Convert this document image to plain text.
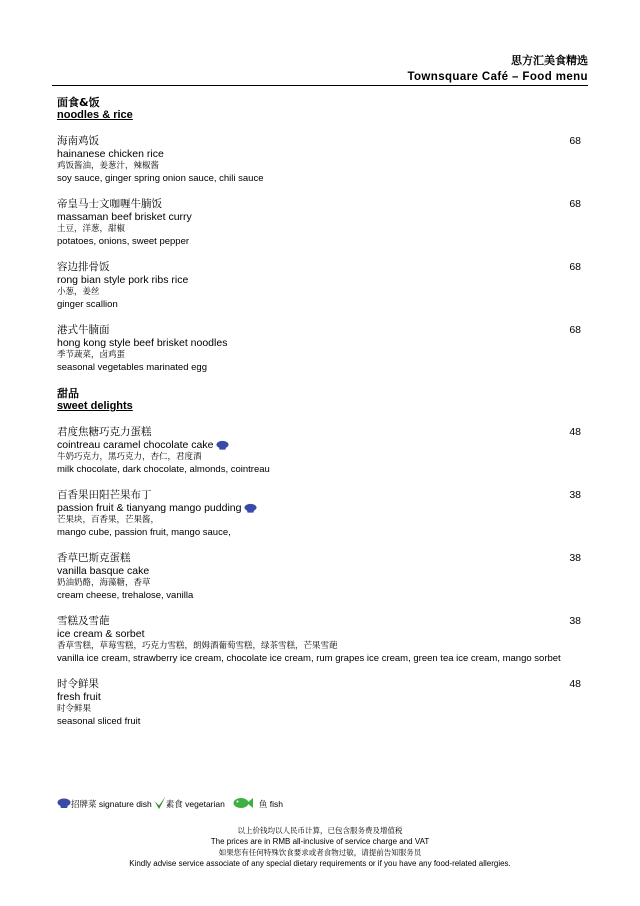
思方汇美食精选
Townsquare Café – Food menu
面食&饭
noodles & rice
海南鸡饭
hainanese chicken rice
鸡饭酱油，姜葱汁，辣椒酱
soy sauce, ginger spring onion sauce, chili sauce
68
帝皇马士文咖喱牛腩饭
massaman beef brisket curry
土豆，洋葱，甜椒
potatoes, onions, sweet pepper
68
容边排骨饭
rong bian style pork ribs rice
小葱，姜丝
ginger scallion
68
港式牛腩面
hong kong style beef brisket noodles
季节蔬菜，卤鸡蛋
seasonal vegetables marinated egg
68
甜品
sweet delights
君度焦糖巧克力蛋糕
cointreau caramel chocolate cake
牛奶巧克力，黑巧克力，杏仁，君度酒
milk chocolate, dark chocolate, almonds, cointreau
48
百香果田阳芒果布丁
passion fruit & tianyang mango pudding
芒果块，百香果，芒果酱，
mango cube, passion fruit, mango sauce,
38
香草巴斯克蛋糕
vanilla basque cake
奶油奶酪，海藻糖，香草
cream cheese, trehalose, vanilla
38
雪糕及雪葩
ice cream & sorbet
香草雪糕，草莓雪糕，巧克力雪糕，朗姆酒葡萄雪糕，绿茶雪糕，芒果雪葩
vanilla ice cream, strawberry ice cream, chocolate ice cream, rum grapes ice cream, green tea ice cream, mango sorbet
38
时令鲜果
fresh fruit
时令鲜果
seasonal sliced fruit
48
招牌菜 signature dish 素食 vegetarian	鱼 fish
以上价钱均以人民币计算，已包含服务费及增值税
The prices are in RMB all-inclusive of service charge and VAT
如果您有任何特殊饮食要求或者食物过敏，请提前告知服务员
Kindly advise service associate of any special dietary requirements or if you have any food-related allergies.
